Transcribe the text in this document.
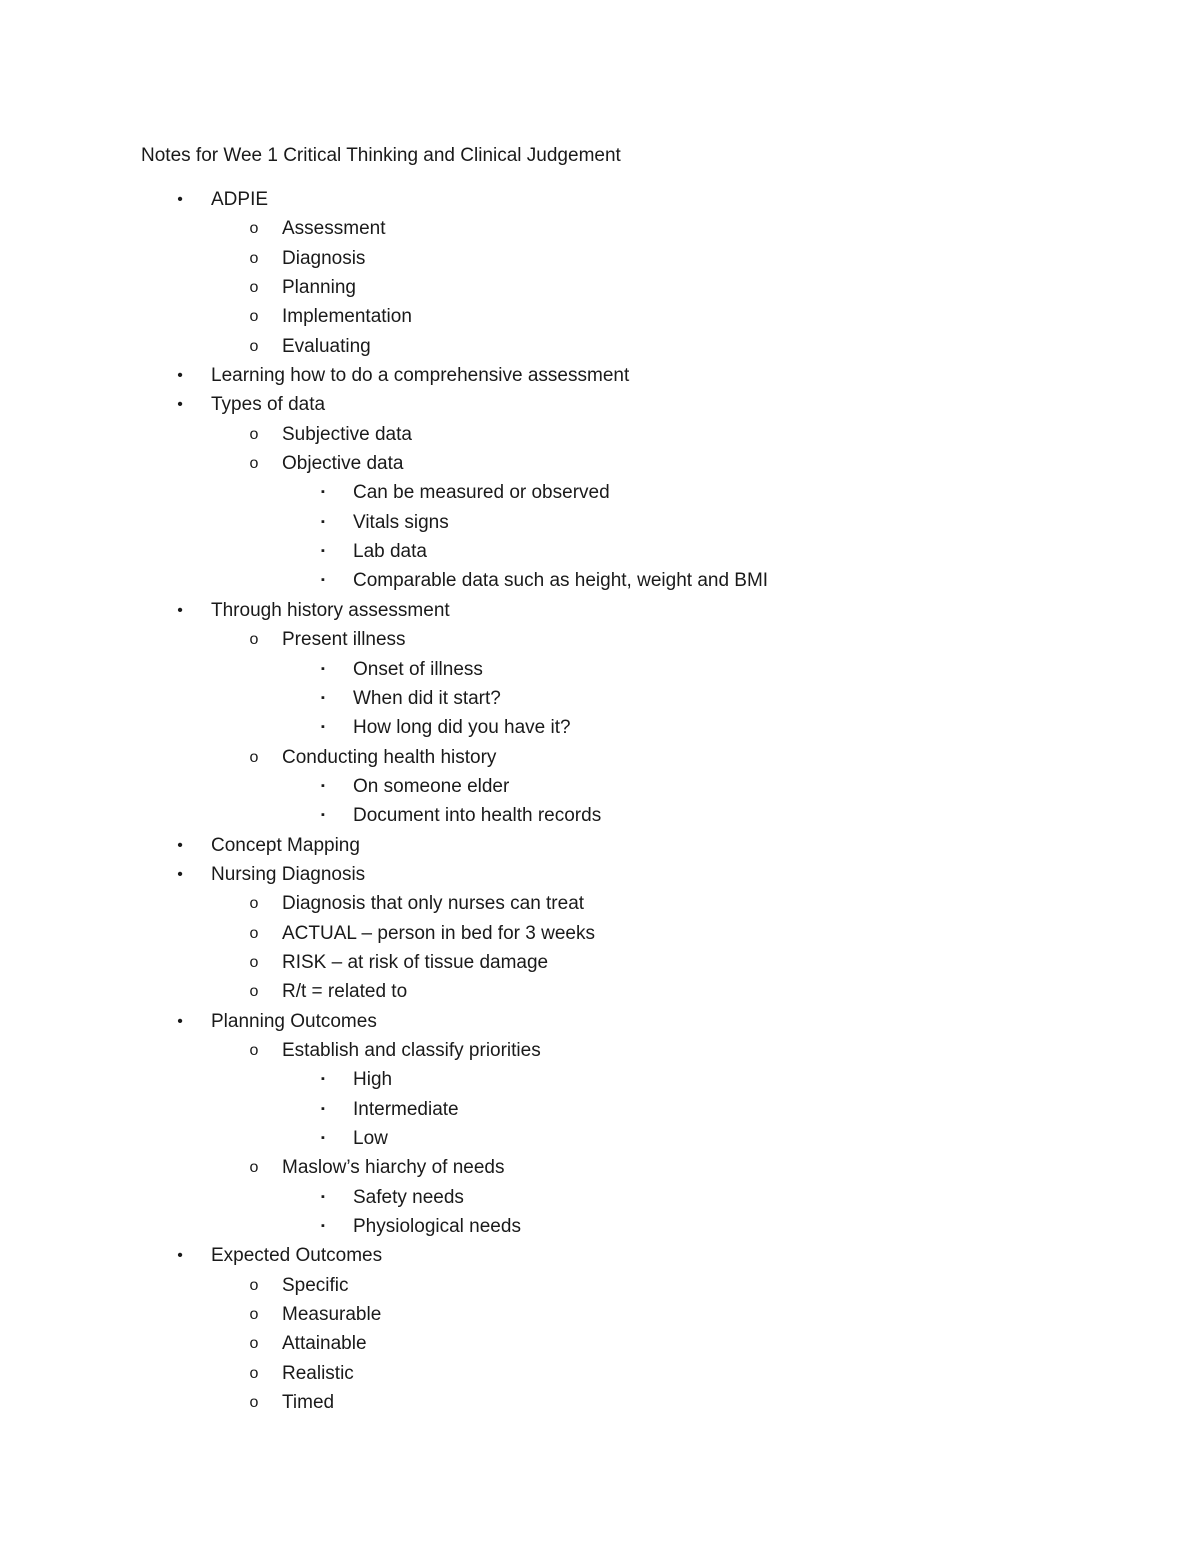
Notes for Wee 1 Critical Thinking and Clinical Judgement
•	ADPIE
o Assessment
o Diagnosis
o Planning
o Implementation
o Evaluating
•	Learning how to do a comprehensive assessment
•	Types of data
o Subjective data
o Objective data
▪	Can be measured or observed
▪	Vitals signs
▪	Lab data
▪	Comparable data such as height, weight and BMI
•	Through history assessment
o Present illness
▪	Onset of illness
▪	When did it start?
▪	How long did you have it?
o Conducting health history
▪	On someone elder
▪	Document into health records
•	Concept Mapping
•	Nursing Diagnosis
o Diagnosis that only nurses can treat
o ACTUAL – person in bed for 3 weeks
o RISK – at risk of tissue damage
o R/t = related to
•	Planning Outcomes
o Establish and classify priorities
▪	High
▪	Intermediate
▪	Low
o Maslow’s hiarchy of needs
▪	Safety needs
▪	Physiological needs
•	Expected Outcomes
o Specific
o Measurable
o Attainable
o Realistic
o Timed
